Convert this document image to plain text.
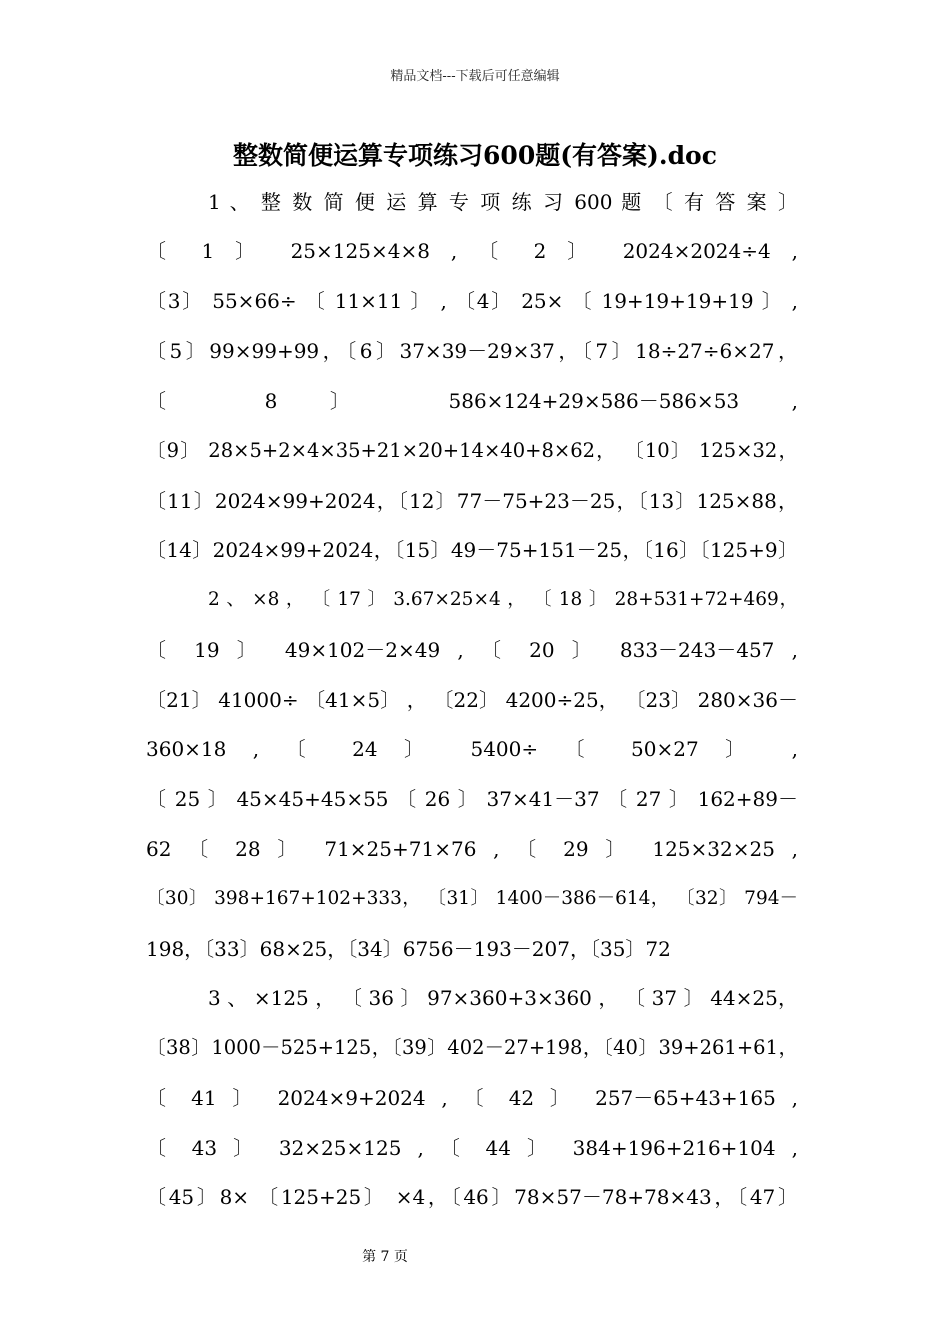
精品文档---下载后可任意编辑
整数简便运算专项练习600题(有答案).doc
1 、 整 数 简 便 运 算 专 项 练 习 600 题 〔 有 答 案 〕
〔 1 〕 25×125×4×8 , 〔 2 〕 2024×2024÷4 ,
〔3〕 55×66÷ 〔 11×11 〕 , 〔4〕 25× 〔 19+19+19+19 〕 ,
〔5〕99×99+99，〔6〕37×39－29×37，〔7〕18÷27÷6×27，
〔 8 〕 586×124+29×586－586×53 ,
〔9〕 28×5+2×4×35+21×20+14×40+8×62， 〔10〕 125×32，
〔11〕2024×99+2024，〔12〕77－75+23－25，〔13〕125×88，
〔14〕2024×99+2024，〔15〕49－75+151－25，〔16〕〔125+9〕
2 、 ×8 ， 〔 17 〕 3.67×25×4 ， 〔 18 〕 28+531+72+469，
〔 19 〕 49×102－2×49 , 〔 20 〕 833－243－457 ,
〔21〕 41000÷ 〔41×5〕 ， 〔22〕 4200÷25， 〔23〕 280×36－
360×18 , 〔 24 〕 5400÷ 〔 50×27 〕 ,
〔 25 〕 45×45+45×55 〔 26 〕 37×41－37 〔 27 〕 162+89－
62 〔 28 〕 71×25+71×76 , 〔 29 〕 125×32×25 ,
〔30〕 398+167+102+333， 〔31〕 1400－386－614， 〔32〕 794－
198，〔33〕68×25，〔34〕6756－193－207，〔35〕72
3 、 ×125 ， 〔 36 〕 97×360+3×360 ， 〔 37 〕 44×25，
〔38〕1000－525+125，〔39〕402－27+198，〔40〕39+261+61，
〔 41 〕 2024×9+2024 , 〔 42 〕 257－65+43+165 ,
〔 43 〕 32×25×125 , 〔 44 〕 384+196+216+104 ,
〔45〕8× 〔125+25〕 ×4，〔46〕78×57－78+78×43，〔47〕
第 7 页
